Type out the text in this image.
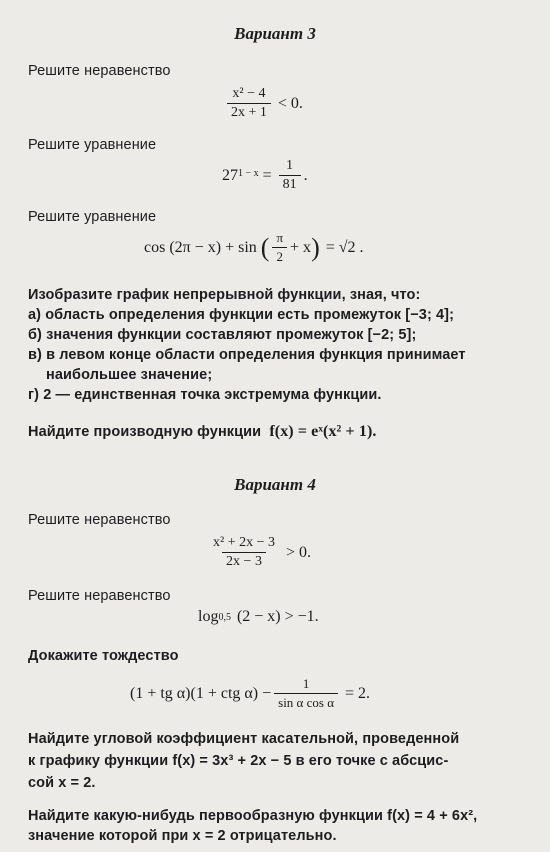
Вариант 3
Решите неравенство
$\frac{\text{x² − 4}}{2x + 1} < 0$.
Решите уравнение
$27^{1 - x} = \frac{1}{81}$ .
Решите уравнение
cos (2π − x) + sin ( $\frac{\pi}{2} + x$ ) = √2 .
Изобразите график непрерывной функции, зная, что:
а) область определения функции есть промежуток [−3; 4];
б) значения функции составляют промежуток [−2; 5];
в) в левом конце области определения функция принимает
наибольшее значение;
г) 2 — единственная точка экстремума функции.
Найдите производную функции f(x) = eˣ(x² + 1).
Вариант 4
Решите неравенство
$\frac{\text{x² + 2x − 3}}{2x - 3} > 0$.
Решите неравенство
log 0,5 (2 − x) > −1.
Докажите тождество
(1 + tg α)(1 + ctg $\alpha) - \frac{1}{\text{sin α cos α}} = 2$.
Найдите угловой коэффициент касательной, проведенной
к графику функции f(x) = 3x³ + 2x − 5 в его точке с абсцис-
сой x = 2.
Найдите какую-нибудь первообразную функции f(x) = 4 + 6x²,
значение которой при x = 2 отрицательно.
